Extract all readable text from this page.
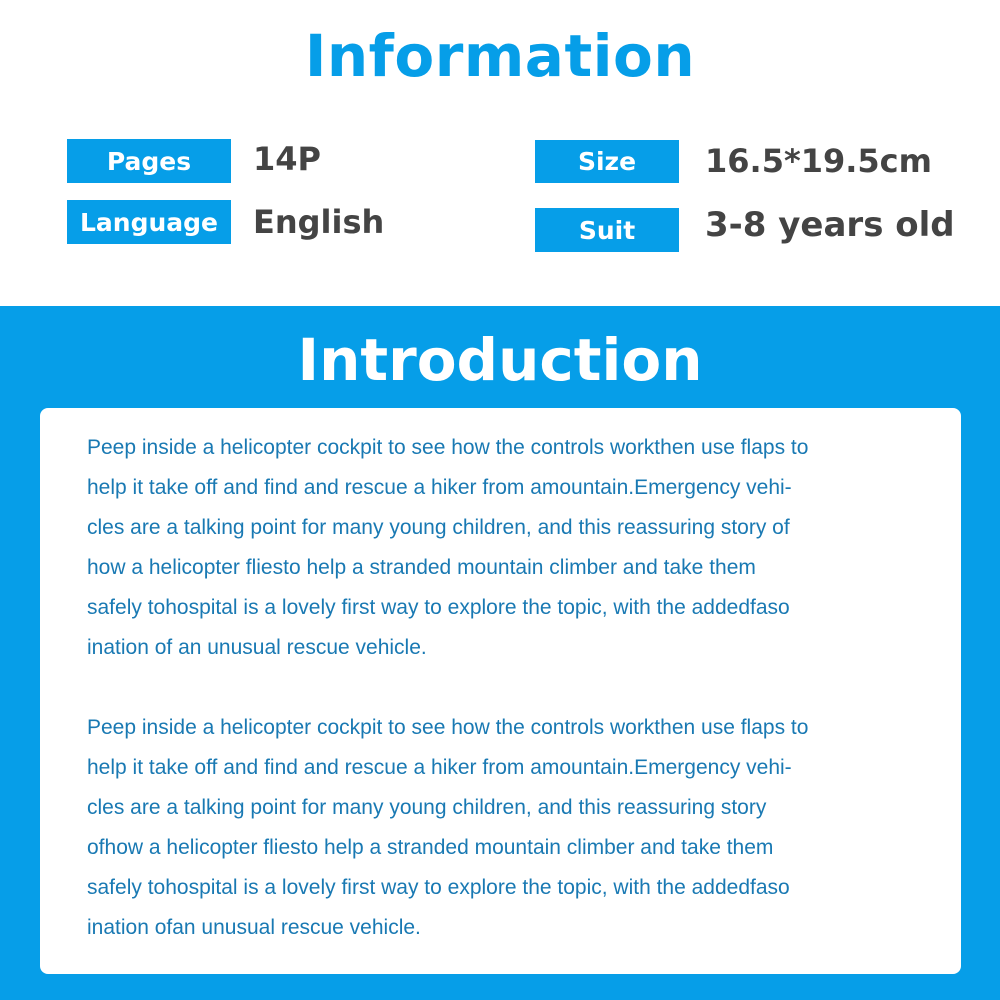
Information
Pages	14P
Language	English
Size	16.5*19.5cm
Suit	3-8 years old
Introduction

Peep inside a helicopter cockpit to see how the controls workthen use flaps to
help it take off and find and rescue a hiker from amountain.Emergency vehi-
cles are a talking point for many young children, and this reassuring story of
how a helicopter fliesto help a stranded mountain climber and take them
safely tohospital is a lovely first way to explore the topic, with the addedfaso
ination of an unusual rescue vehicle.

Peep inside a helicopter cockpit to see how the controls workthen use flaps to
help it take off and find and rescue a hiker from amountain.Emergency vehi-
cles are a talking point for many young children, and this reassuring story
ofhow a helicopter fliesto help a stranded mountain climber and take them
safely tohospital is a lovely first way to explore the topic, with the addedfaso
ination ofan unusual rescue vehicle.
